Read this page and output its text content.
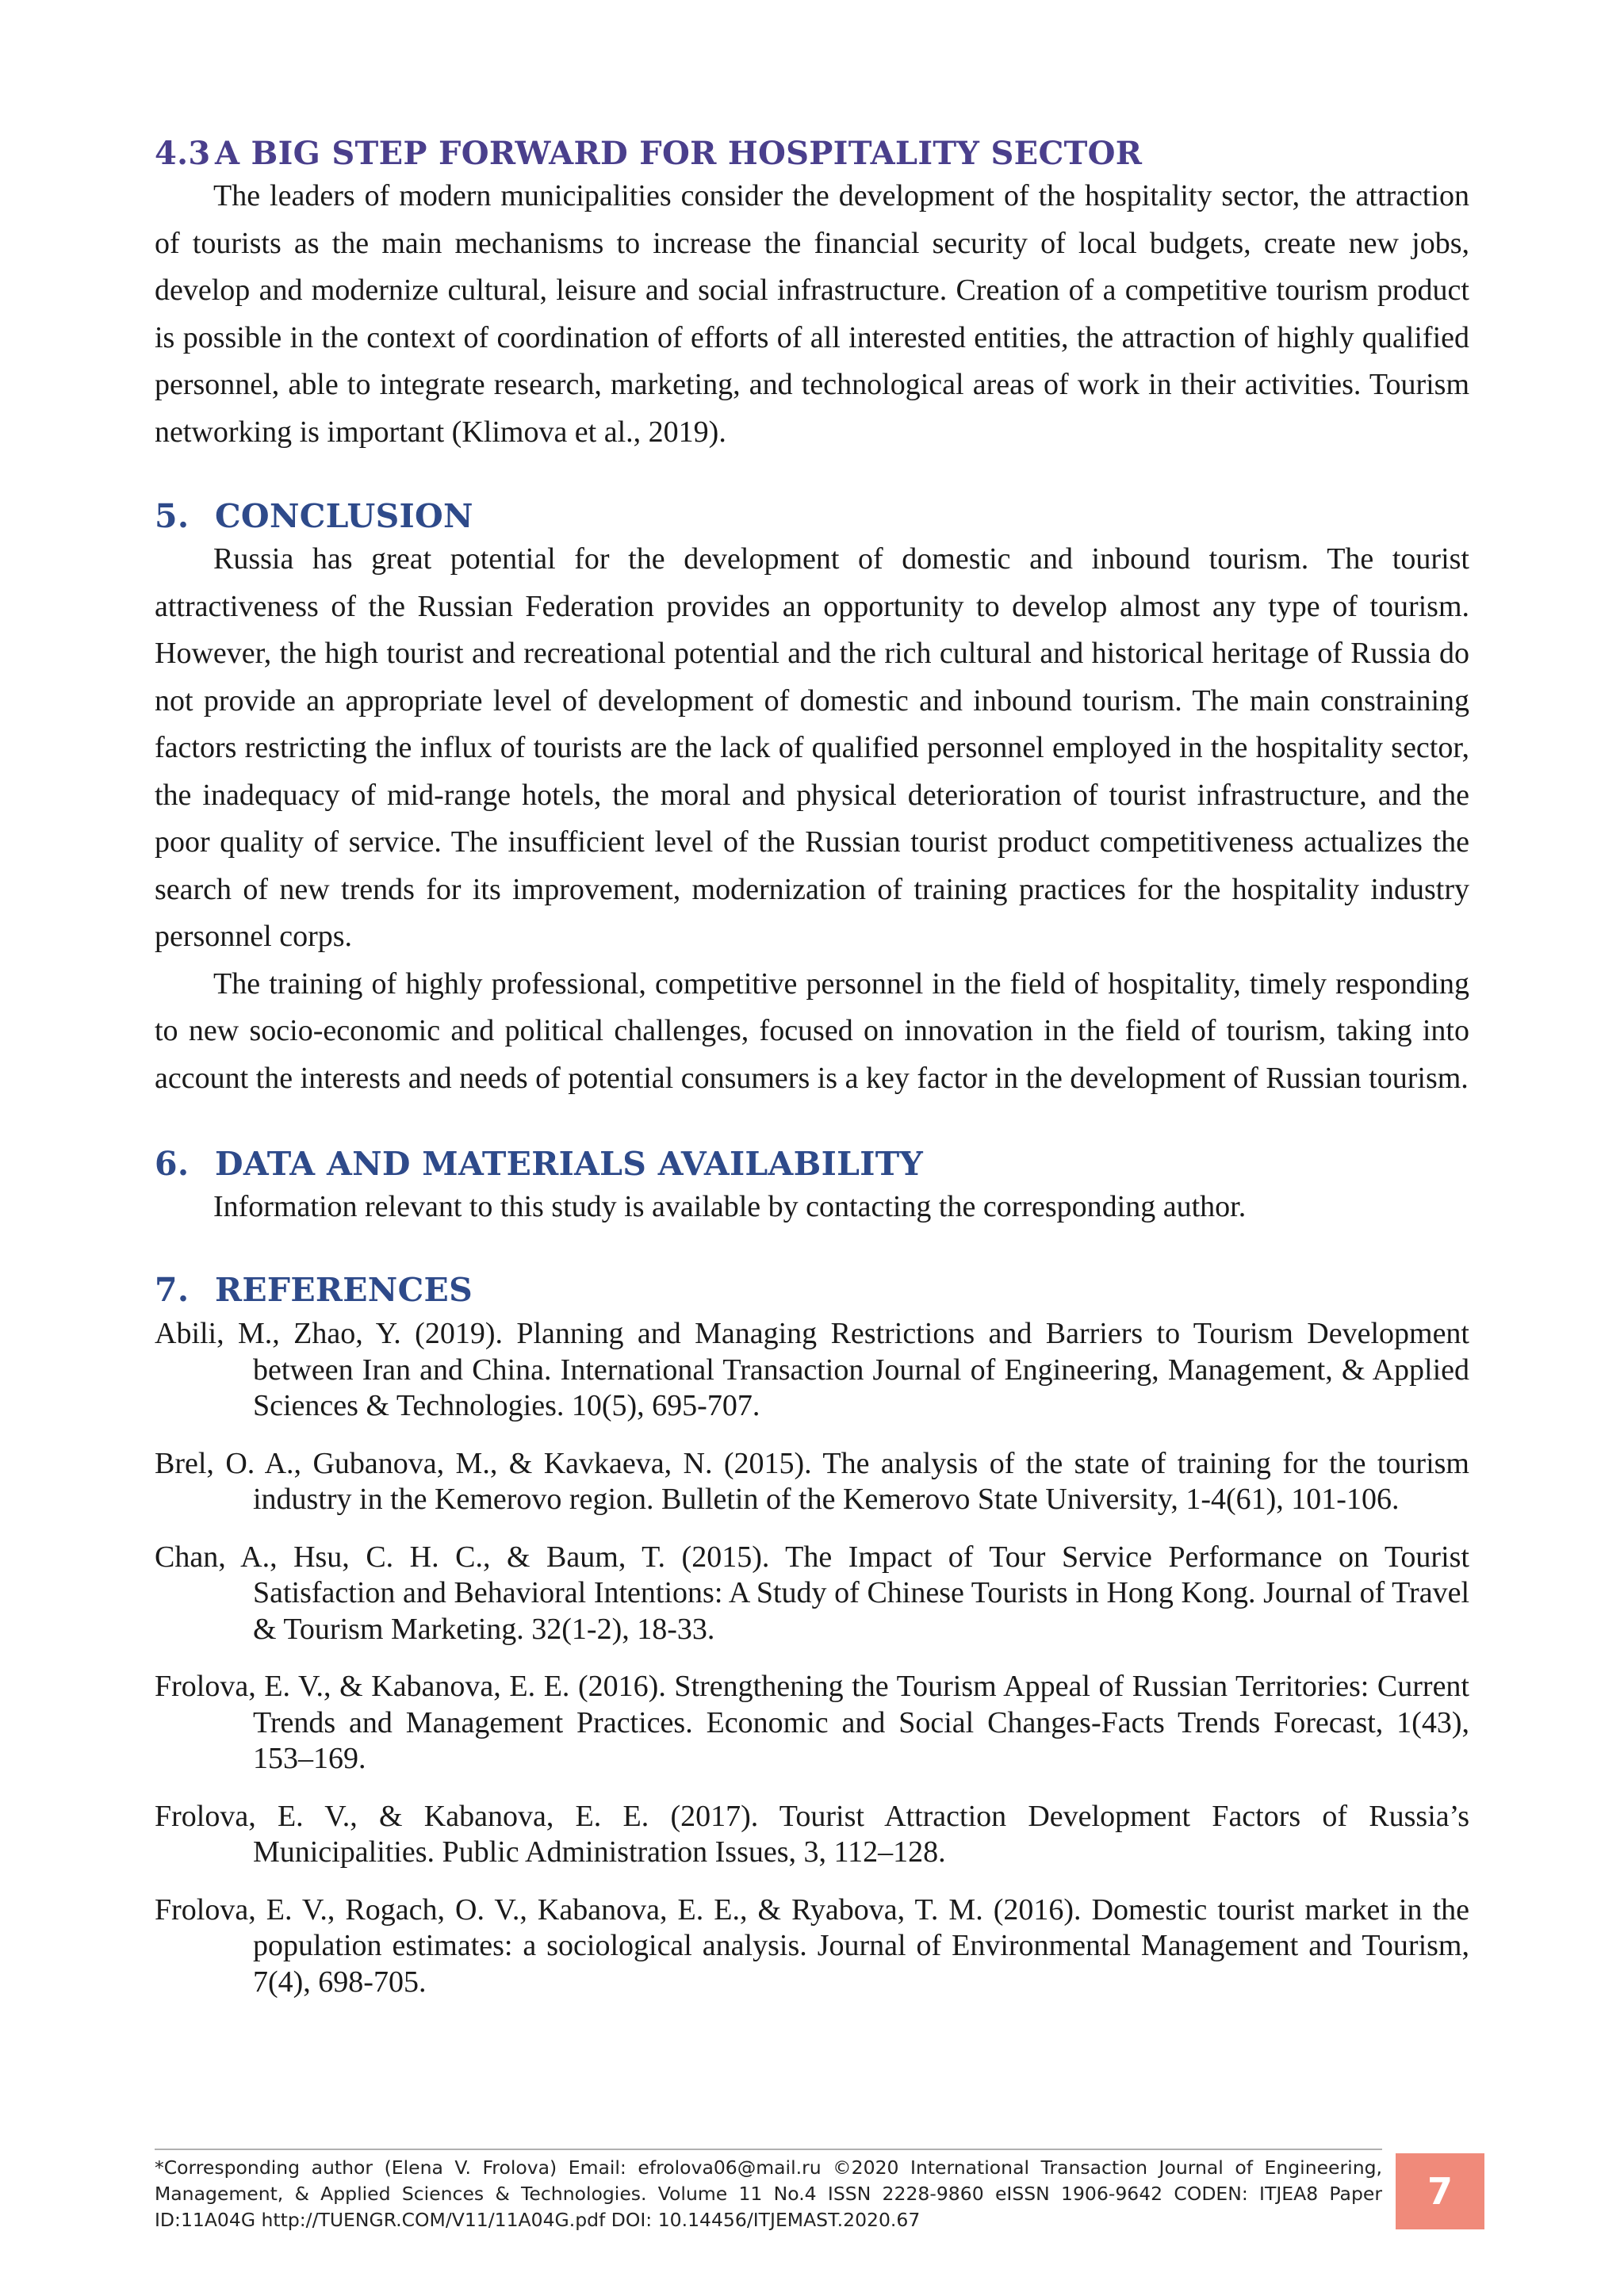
4.3 A BIG STEP FORWARD FOR HOSPITALITY SECTOR

The leaders of modern municipalities consider the development of the hospitality sector, the attraction of tourists as the main mechanisms to increase the financial security of local budgets, create new jobs, develop and modernize cultural, leisure and social infrastructure. Creation of a competitive tourism product is possible in the context of coordination of efforts of all interested entities, the attraction of highly qualified personnel, able to integrate research, marketing, and technological areas of work in their activities. Tourism networking is important (Klimova et al., 2019).

5. CONCLUSION

Russia has great potential for the development of domestic and inbound tourism. The tourist attractiveness of the Russian Federation provides an opportunity to develop almost any type of tourism. However, the high tourist and recreational potential and the rich cultural and historical heritage of Russia do not provide an appropriate level of development of domestic and inbound tourism. The main constraining factors restricting the influx of tourists are the lack of qualified personnel employed in the hospitality sector, the inadequacy of mid-range hotels, the moral and physical deterioration of tourist infrastructure, and the poor quality of service. The insufficient level of the Russian tourist product competitiveness actualizes the search of new trends for its improvement, modernization of training practices for the hospitality industry personnel corps.

The training of highly professional, competitive personnel in the field of hospitality, timely responding to new socio-economic and political challenges, focused on innovation in the field of tourism, taking into account the interests and needs of potential consumers is a key factor in the development of Russian tourism.

6. DATA AND MATERIALS AVAILABILITY

Information relevant to this study is available by contacting the corresponding author.

7. REFERENCES

Abili, M., Zhao, Y. (2019). Planning and Managing Restrictions and Barriers to Tourism Development between Iran and China. International Transaction Journal of Engineering, Management, & Applied Sciences & Technologies. 10(5), 695-707.

Brel, O. A., Gubanova, M., & Kavkaeva, N. (2015). The analysis of the state of training for the tourism industry in the Kemerovo region. Bulletin of the Kemerovo State University, 1-4(61), 101-106.

Chan, A., Hsu, C. H. C., & Baum, T. (2015). The Impact of Tour Service Performance on Tourist Satisfaction and Behavioral Intentions: A Study of Chinese Tourists in Hong Kong. Journal of Travel & Tourism Marketing. 32(1-2), 18-33.

Frolova, E. V., & Kabanova, E. E. (2016). Strengthening the Tourism Appeal of Russian Territories: Current Trends and Management Practices. Economic and Social Changes-Facts Trends Forecast, 1(43), 153–169.

Frolova, E. V., & Kabanova, E. E. (2017). Tourist Attraction Development Factors of Russia’s Municipalities. Public Administration Issues, 3, 112–128.

Frolova, E. V., Rogach, O. V., Kabanova, E. E., & Ryabova, T. M. (2016). Domestic tourist market in the population estimates: a sociological analysis. Journal of Environmental Management and Tourism, 7(4), 698-705.

*Corresponding author (Elena V. Frolova) Email: efrolova06@mail.ru ©2020 International Transaction Journal of Engineering, Management, & Applied Sciences & Technologies. Volume 11 No.4 ISSN 2228-9860 eISSN 1906-9642 CODEN: ITJEA8 Paper ID:11A04G http://TUENGR.COM/V11/11A04G.pdf DOI: 10.14456/ITJEMAST.2020.67
7
